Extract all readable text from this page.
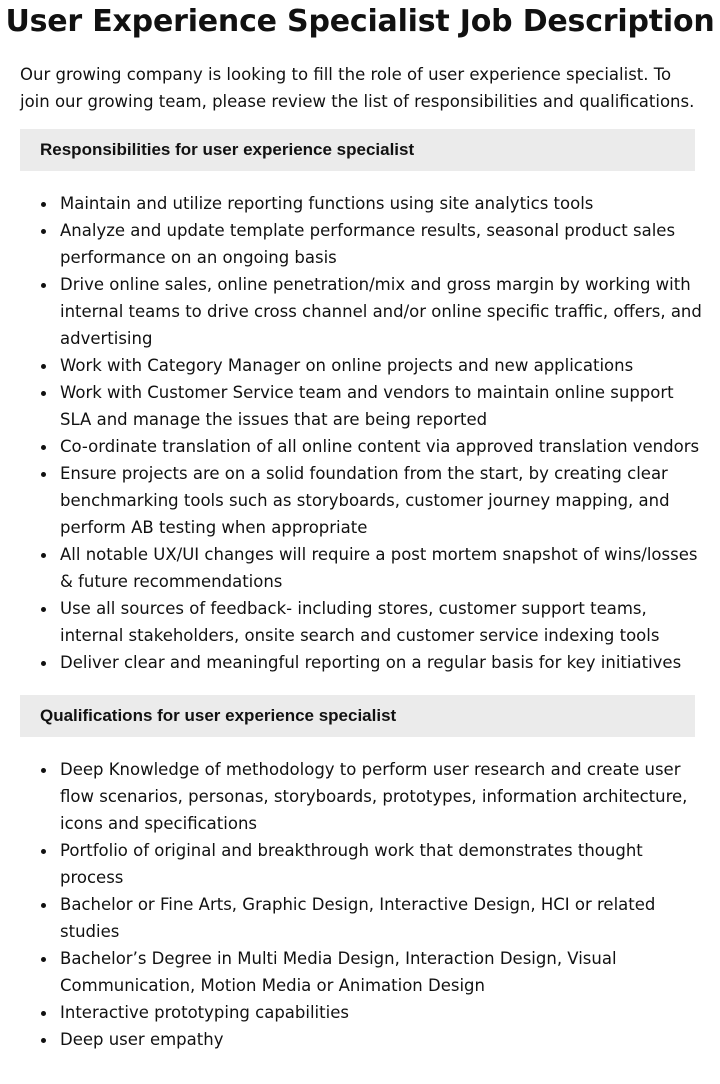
User Experience Specialist Job Description

Our growing company is looking to fill the role of user experience specialist. To join our growing team, please review the list of responsibilities and qualifications.

Responsibilities for user experience specialist
Maintain and utilize reporting functions using site analytics tools
Analyze and update template performance results, seasonal product sales performance on an ongoing basis
Drive online sales, online penetration/mix and gross margin by working with internal teams to drive cross channel and/or online specific traffic, offers, and advertising
Work with Category Manager on online projects and new applications
Work with Customer Service team and vendors to maintain online support SLA and manage the issues that are being reported
Co-ordinate translation of all online content via approved translation vendors
Ensure projects are on a solid foundation from the start, by creating clear benchmarking tools such as storyboards, customer journey mapping, and perform AB testing when appropriate
All notable UX/UI changes will require a post mortem snapshot of wins/losses & future recommendations
Use all sources of feedback- including stores, customer support teams, internal stakeholders, onsite search and customer service indexing tools
Deliver clear and meaningful reporting on a regular basis for key initiatives
Qualifications for user experience specialist
Deep Knowledge of methodology to perform user research and create user flow scenarios, personas, storyboards, prototypes, information architecture, icons and specifications
Portfolio of original and breakthrough work that demonstrates thought process
Bachelor or Fine Arts, Graphic Design, Interactive Design, HCI or related studies
Bachelor’s Degree in Multi Media Design, Interaction Design, Visual Communication, Motion Media or Animation Design
Interactive prototyping capabilities
Deep user empathy
